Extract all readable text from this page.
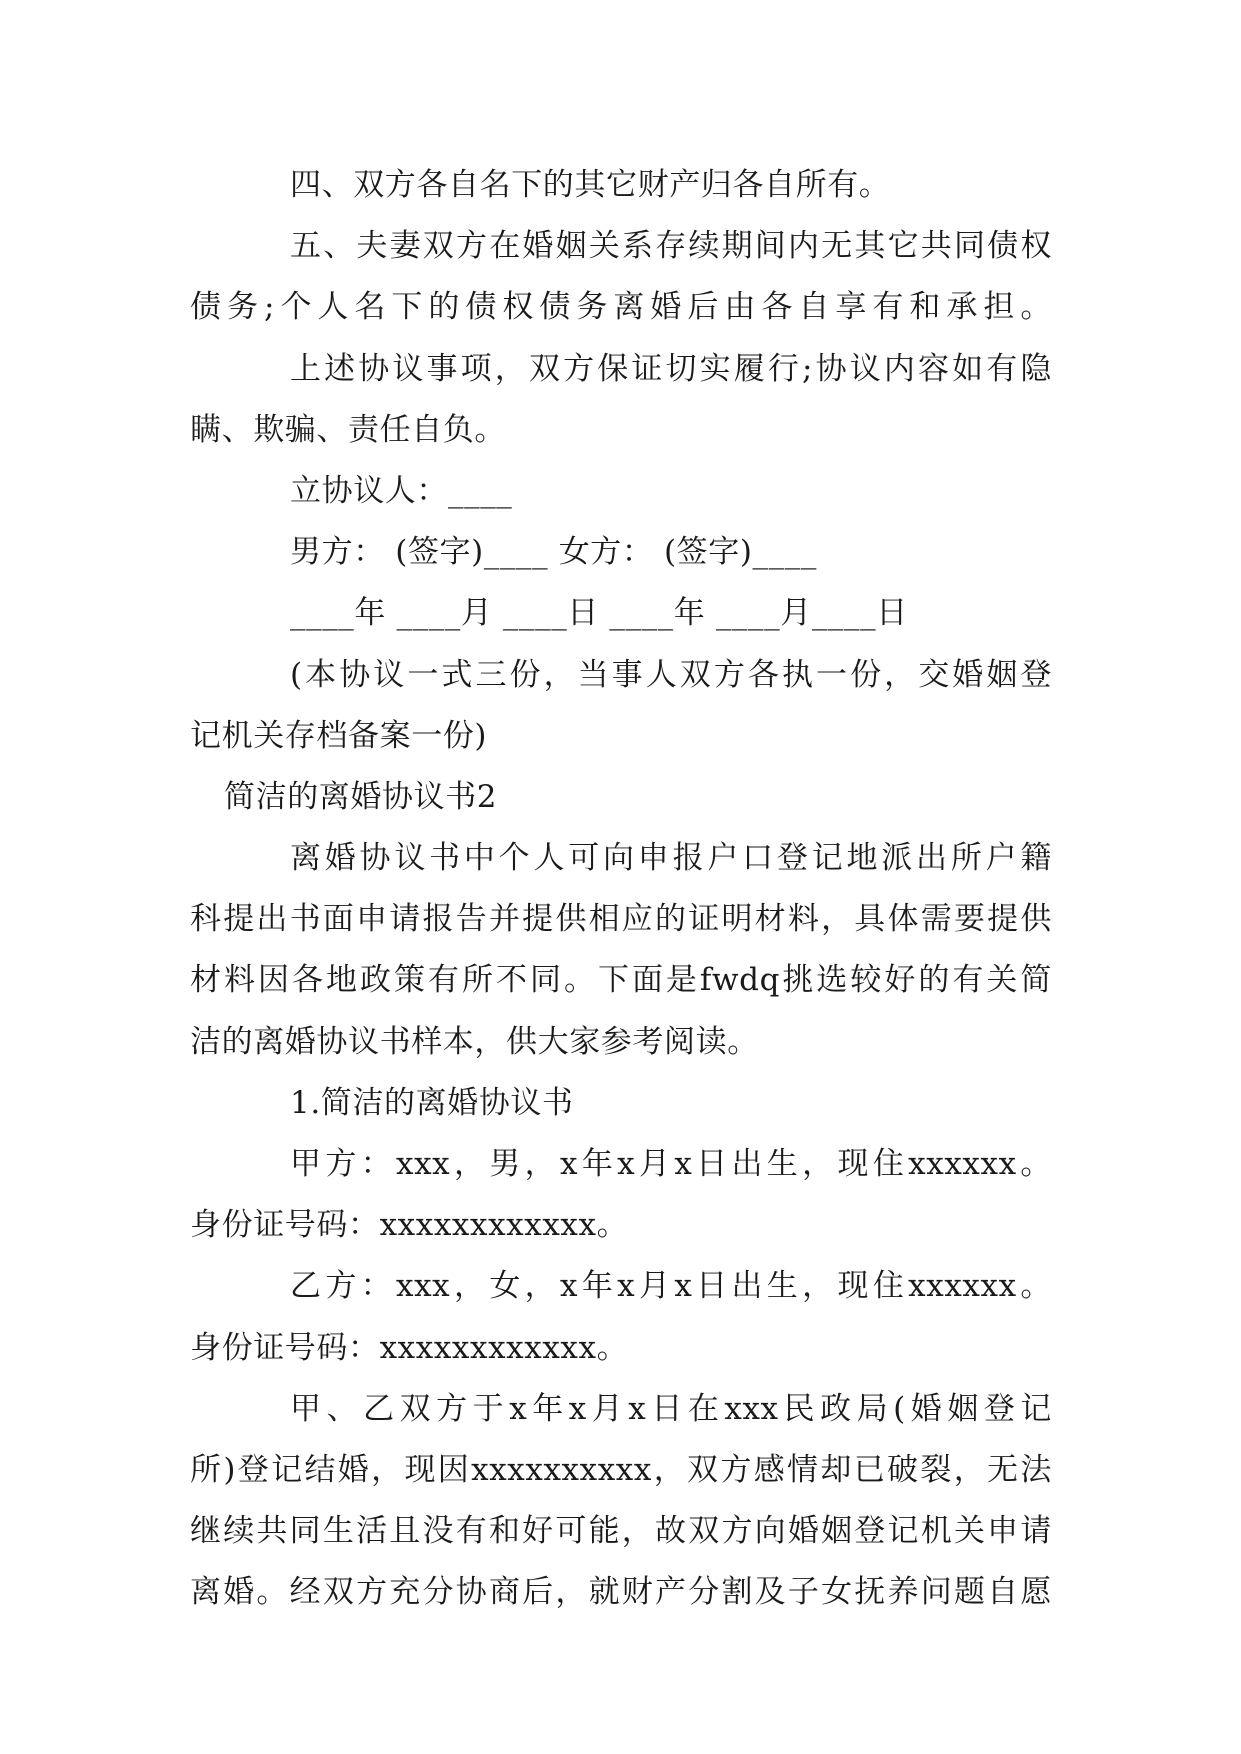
四、双方各自名下的其它财产归各自所有。
五、夫妻双方在婚姻关系存续期间内无其它共同债权
债务;个人名下的债权债务离婚后由各自享有和承担。
上述协议事项，双方保证切实履行;协议内容如有隐
瞒、欺骗、责任自负。
立协议人：____
男方： (签字)____ 女方： (签字)____
____年 ____月 ____日 ____年 ____月____日
(本协议一式三份，当事人双方各执一份，交婚姻登
记机关存档备案一份)
简洁的离婚协议书2
离婚协议书中个人可向申报户口登记地派出所户籍
科提出书面申请报告并提供相应的证明材料，具体需要提供
材料因各地政策有所不同。下面是fwdq挑选较好的有关简
洁的离婚协议书样本，供大家参考阅读。
1.简洁的离婚协议书
甲方：xxx，男，x年x月x日出生，现住xxxxxx。
身份证号码：xxxxxxxxxxxx。
乙方：xxx，女，x年x月x日出生，现住xxxxxx。
身份证号码：xxxxxxxxxxxx。
甲、乙双方于x年x月x日在xxx民政局(婚姻登记
所)登记结婚，现因xxxxxxxxxx，双方感情却已破裂，无法
继续共同生活且没有和好可能，故双方向婚姻登记机关申请
离婚。经双方充分协商后，就财产分割及子女抚养问题自愿
